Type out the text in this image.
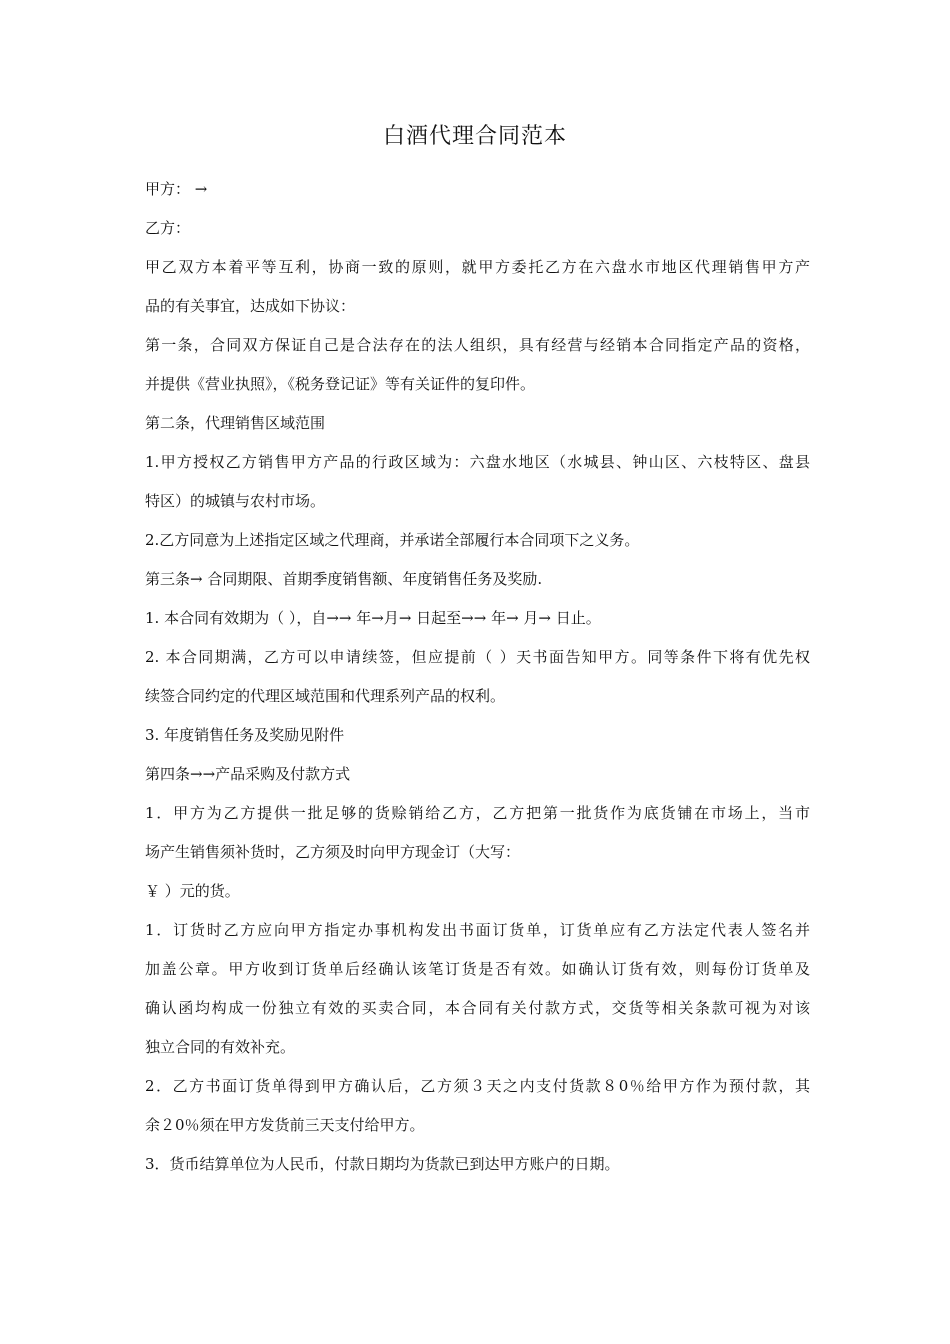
白酒代理合同范本
甲方： →
乙方：
甲乙双方本着平等互利，协商一致的原则，就甲方委托乙方在六盘水市地区代理销售甲方产
品的有关事宜，达成如下协议：
第一条，合同双方保证自己是合法存在的法人组织，具有经营与经销本合同指定产品的资格，
并提供《营业执照》，《税务登记证》等有关证件的复印件。
第二条，代理销售区域范围
1.甲方授权乙方销售甲方产品的行政区域为：六盘水地区（水城县、钟山区、六枝特区、盘县
特区）的城镇与农村市场。
2.乙方同意为上述指定区域之代理商，并承诺全部履行本合同项下之义务。
第三条→ 合同期限、首期季度销售额、年度销售任务及奖励.
1. 本合同有效期为（ ），自→→ 年→月→ 日起至→→ 年→ 月→ 日止。
2. 本合同期满，乙方可以申请续签，但应提前（ ）天书面告知甲方。同等条件下将有优先权
续签合同约定的代理区域范围和代理系列产品的权利。
3. 年度销售任务及奖励见附件
第四条→→产品采购及付款方式
1．甲方为乙方提供一批足够的货赊销给乙方，乙方把第一批货作为底货铺在市场上，当市
场产生销售须补货时，乙方须及时向甲方现金订（大写：
￥ ）元的货。
1．订货时乙方应向甲方指定办事机构发出书面订货单，订货单应有乙方法定代表人签名并
加盖公章。甲方收到订货单后经确认该笔订货是否有效。如确认订货有效，则每份订货单及
确认函均构成一份独立有效的买卖合同，本合同有关付款方式，交货等相关条款可视为对该
独立合同的有效补充。
2．乙方书面订货单得到甲方确认后，乙方须３天之内支付货款８0％给甲方作为预付款，其
余２0％须在甲方发货前三天支付给甲方。
3．货币结算单位为人民币，付款日期均为货款已到达甲方账户的日期。
